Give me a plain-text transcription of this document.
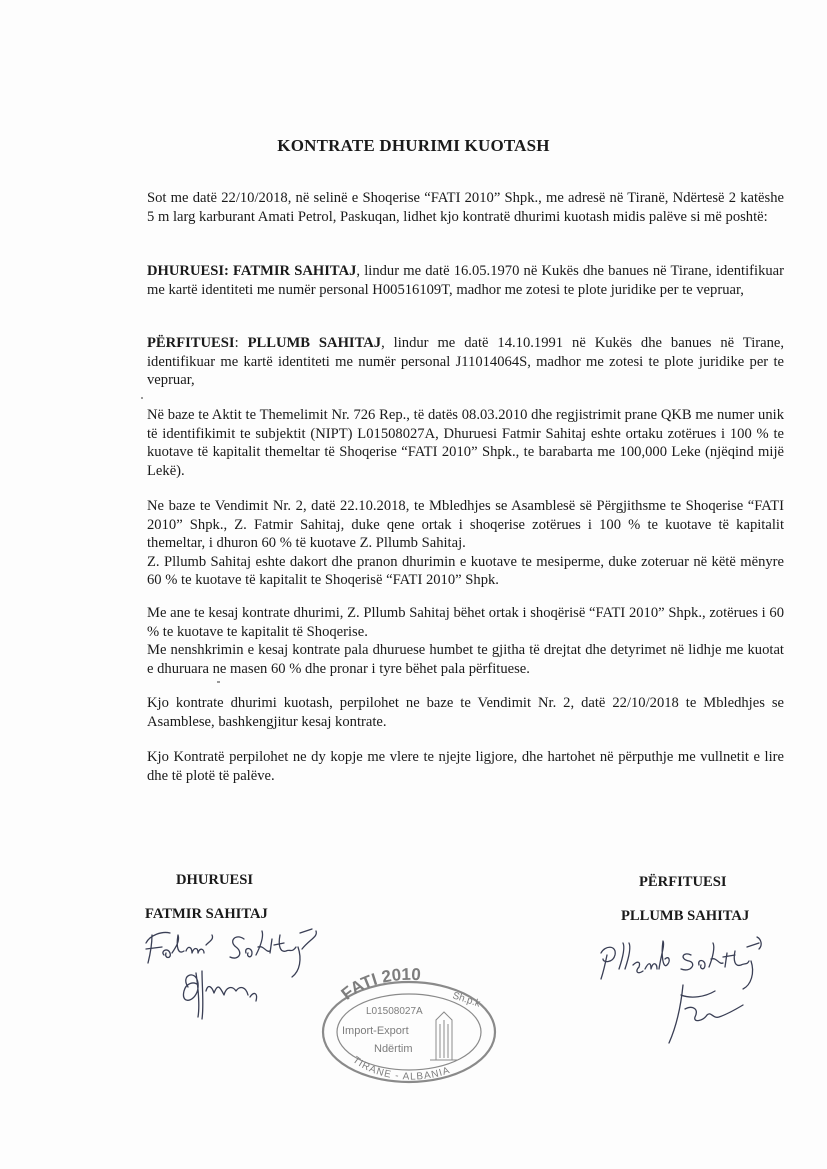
KONTRATE DHURIMI KUOTASH

Sot me datë 22/10/2018, në selinë e Shoqerise “FATI 2010” Shpk., me adresë në Tiranë, Ndërtesë 2 katëshe 5 m larg karburant Amati Petrol, Paskuqan, lidhet kjo kontratë dhurimi kuotash midis palëve si më poshtë:

DHURUESI: FATMIR SAHITAJ, lindur me datë 16.05.1970 në Kukës dhe banues në Tirane, identifikuar me kartë identiteti me numër personal H00516109T, madhor me zotesi te plote juridike per te vepruar,

PËRFITUESI: PLLUMB SAHITAJ, lindur me datë 14.10.1991 në Kukës dhe banues në Tirane, identifikuar me kartë identiteti me numër personal J11014064S, madhor me zotesi te plote juridike per te vepruar,

Në baze te Aktit te Themelimit Nr. 726 Rep., të datës 08.03.2010 dhe regjistrimit prane QKB me numer unik të identifikimit te subjektit (NIPT) L01508027A, Dhuruesi Fatmir Sahitaj eshte ortaku zotërues i 100 % te kuotave të kapitalit themeltar të Shoqerise “FATI 2010” Shpk., te barabarta me 100,000 Leke (njëqind mijë Lekë).

Ne baze te Vendimit Nr. 2, datë 22.10.2018, te Mbledhjes se Asamblesë së Përgjithsme te Shoqerise “FATI 2010” Shpk., Z. Fatmir Sahitaj, duke qene ortak i shoqerise zotërues i 100 % te kuotave të kapitalit themeltar, i dhuron 60 % të kuotave Z. Pllumb Sahitaj.

Z. Pllumb Sahitaj eshte dakort dhe pranon dhurimin e kuotave te mesiperme, duke zoteruar në këtë mënyre 60 % te kuotave të kapitalit te Shoqerisë “FATI 2010” Shpk.

Me ane te kesaj kontrate dhurimi, Z. Pllumb Sahitaj bëhet ortak i shoqërisë “FATI 2010” Shpk., zotërues i 60 % te kuotave te kapitalit të Shoqerise.

Me nenshkrimin e kesaj kontrate pala dhuruese humbet te gjitha të drejtat dhe detyrimet në lidhje me kuotat e dhuruara ne masen 60 % dhe pronar i tyre bëhet pala përfituese.

Kjo kontrate dhurimi kuotash, perpilohet ne baze te Vendimit Nr. 2, datë 22/10/2018 te Mbledhjes se Asamblese, bashkengjitur kesaj kontrate.

Kjo Kontratë perpilohet ne dy kopje me vlere te njejte ligjore, dhe hartohet në përputhje me vullnetit e lire dhe të plotë të palëve.

DHURUESI
FATMIR SAHITAJ
PËRFITUESI
PLLUMB SAHITAJ
FATI 2010
Sh.p.k
L01508027A
Import-Export
Ndërtim
TIRANE - ALBANIA
